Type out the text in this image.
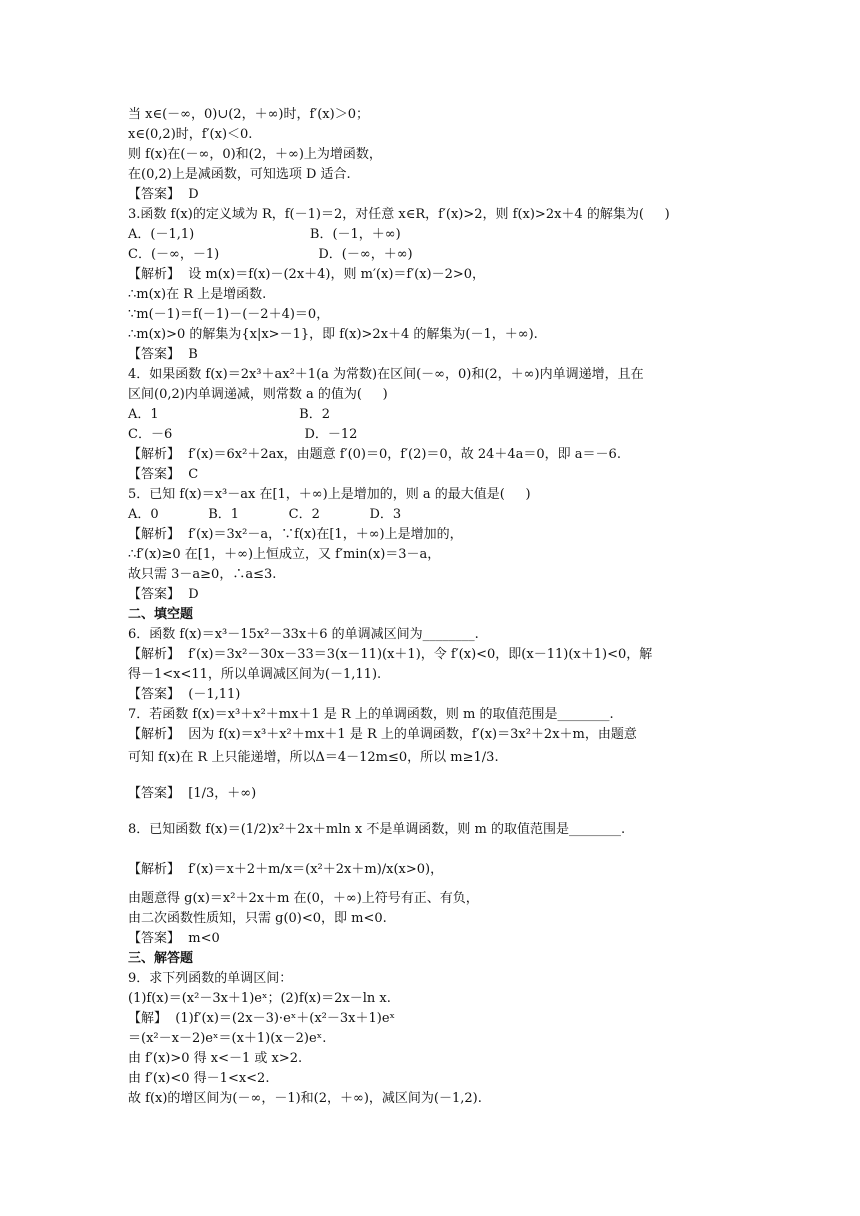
当 x∈(－∞，0)∪(2，＋∞)时，f′(x)＞0；
x∈(0,2)时，f′(x)＜0.
则 f(x)在(－∞，0)和(2，＋∞)上为增函数，
在(0,2)上是减函数，可知选项 D 适合.
【答案】  D
3.函数 f(x)的定义域为 R，f(－1)＝2，对任意 x∈R，f′(x)>2，则 f(x)>2x＋4 的解集为(     )
A．(－1,1)                            B．(－1，＋∞)
C．(－∞，－1)                        D．(－∞，＋∞)
【解析】  设 m(x)＝f(x)－(2x＋4)，则 m′(x)＝f′(x)－2>0，
∴m(x)在 R 上是增函数.
∵m(－1)＝f(－1)－(－2＋4)＝0，
∴m(x)>0 的解集为{x|x>－1}，即 f(x)>2x＋4 的解集为(－1，＋∞).
【答案】  B
4．如果函数 f(x)＝2x³＋ax²＋1(a 为常数)在区间(－∞，0)和(2，＋∞)内单调递增，且在
区间(0,2)内单调递减，则常数 a 的值为(     )
A．1                                  B．2
C．－6                                D．－12
【解析】  f′(x)＝6x²＋2ax，由题意 f′(0)＝0，f′(2)＝0，故 24＋4a＝0，即 a＝－6.
【答案】  C
5．已知 f(x)＝x³－ax 在[1，＋∞)上是增加的，则 a 的最大值是(     )
A．0            B．1            C．2            D．3
【解析】  f′(x)＝3x²－a，∵f(x)在[1，＋∞)上是增加的，
∴f′(x)≥0 在[1，＋∞)上恒成立，又 f′min(x)＝3－a，
故只需 3－a≥0，∴a≤3.
【答案】  D
二、填空题
6．函数 f(x)＝x³－15x²－33x＋6 的单调减区间为________.
【解析】  f′(x)＝3x²－30x－33＝3(x－11)(x＋1)，令 f′(x)<0，即(x－11)(x＋1)<0，解
得－1<x<11，所以单调减区间为(－1,11).
【答案】  (－1,11)
7．若函数 f(x)＝x³＋x²＋mx＋1 是 R 上的单调函数，则 m 的取值范围是________.
【解析】  因为 f(x)＝x³＋x²＋mx＋1 是 R 上的单调函数，f′(x)＝3x²＋2x＋m，由题意
可知 f(x)在 R 上只能递增，所以Δ＝4－12m≤0，所以 m≥1/3.
【答案】  [1/3，＋∞)
8．已知函数 f(x)＝(1/2)x²＋2x＋mln x 不是单调函数，则 m 的取值范围是________.
【解析】  f′(x)＝x＋2＋m/x＝(x²＋2x＋m)/x(x>0)，
由题意得 g(x)＝x²＋2x＋m 在(0，＋∞)上符号有正、有负，
由二次函数性质知，只需 g(0)<0，即 m<0.
【答案】  m<0
三、解答题
9．求下列函数的单调区间：
(1)f(x)＝(x²－3x＋1)eˣ；(2)f(x)＝2x－ln x.
【解】  (1)f′(x)＝(2x－3)·eˣ＋(x²－3x＋1)eˣ
＝(x²－x－2)eˣ＝(x＋1)(x－2)eˣ.
由 f′(x)>0 得 x<－1 或 x>2.
由 f′(x)<0 得－1<x<2.
故 f(x)的增区间为(－∞，－1)和(2，＋∞)，减区间为(－1,2).
